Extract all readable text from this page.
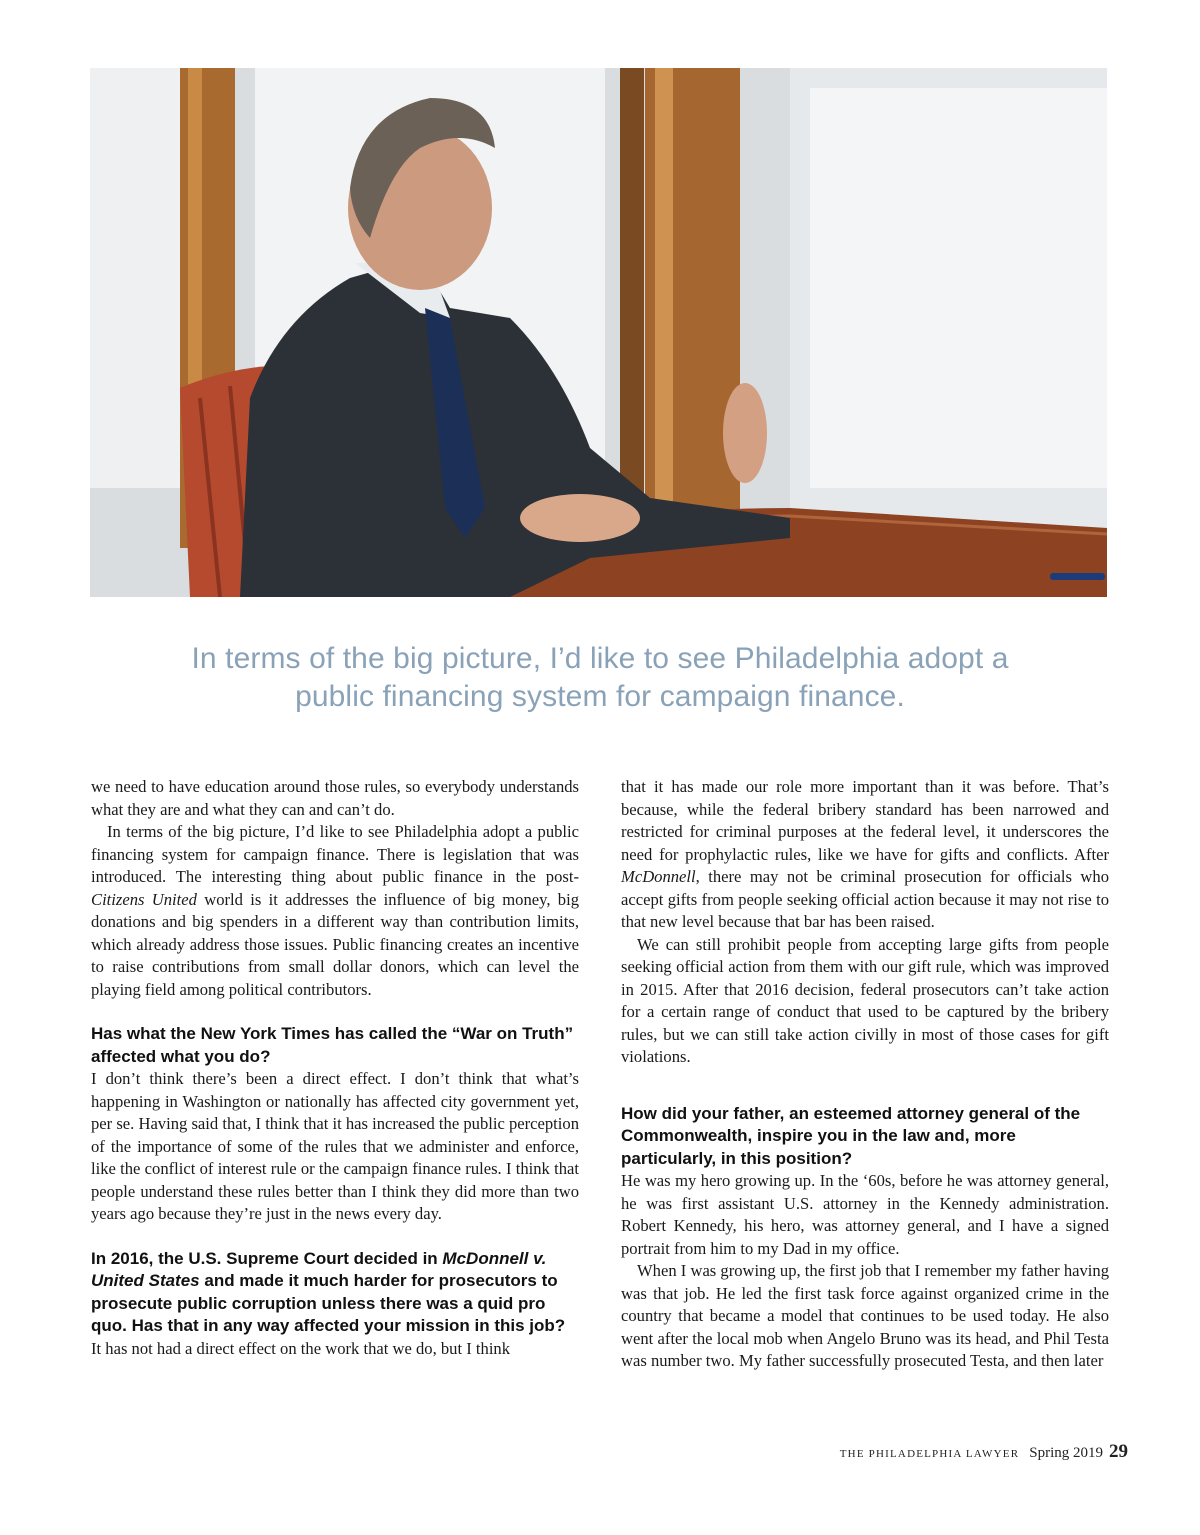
In terms of the big picture, I’d like to see Philadelphia adopt a
public financing system for campaign finance.

we need to have education around those rules, so everybody understands what they are and what they can and can’t do.

In terms of the big picture, I’d like to see Philadelphia adopt a public financing system for campaign finance. There is legislation that was introduced. The interesting thing about public finance in the post-Citizens United world is it addresses the influence of big money, big donations and big spenders in a different way than contribution limits, which already address those issues. Public financing creates an incentive to raise contributions from small dollar donors, which can level the playing field among political contributors.

Has what the New York Times has called the “War on Truth” affected what you do?

I don’t think there’s been a direct effect. I don’t think that what’s happening in Washington or nationally has affected city government yet, per se. Having said that, I think that it has increased the public perception of the importance of some of the rules that we administer and enforce, like the conflict of interest rule or the campaign finance rules. I think that people understand these rules better than I think they did more than two years ago because they’re just in the news every day.

In 2016, the U.S. Supreme Court decided in McDonnell v. United States and made it much harder for prosecutors to prosecute public corruption unless there was a quid pro quo. Has that in any way affected your mission in this job?

It has not had a direct effect on the work that we do, but I think

that it has made our role more important than it was before. That’s because, while the federal bribery standard has been narrowed and restricted for criminal purposes at the federal level, it underscores the need for prophylactic rules, like we have for gifts and conflicts. After McDonnell, there may not be criminal prosecution for officials who accept gifts from people seeking official action because it may not rise to that new level because that bar has been raised.

We can still prohibit people from accepting large gifts from people seeking official action from them with our gift rule, which was improved in 2015. After that 2016 decision, federal prosecutors can’t take action for a certain range of conduct that used to be captured by the bribery rules, but we can still take action civilly in most of those cases for gift violations.

How did your father, an esteemed attorney general of the Commonwealth, inspire you in the law and, more particularly, in this position?

He was my hero growing up. In the ‘60s, before he was attorney general, he was first assistant U.S. attorney in the Kennedy administration. Robert Kennedy, his hero, was attorney general, and I have a signed portrait from him to my Dad in my office.

When I was growing up, the first job that I remember my father having was that job. He led the first task force against organized crime in the country that became a model that continues to be used today. He also went after the local mob when Angelo Bruno was its head, and Phil Testa was number two. My father successfully prosecuted Testa, and then later

THE PHILADELPHIA LAWYER Spring 2019 29
